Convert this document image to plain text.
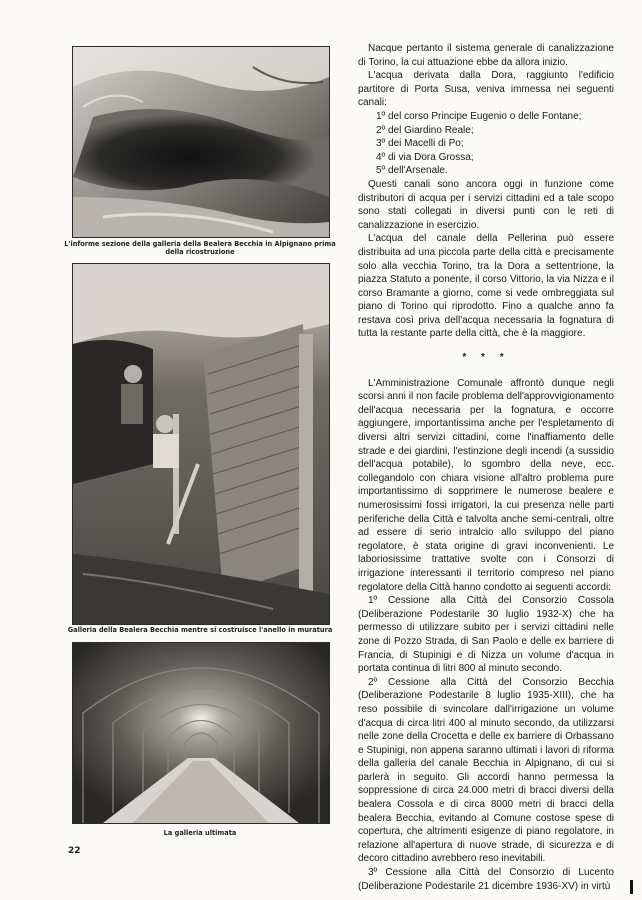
L'informe sezione della galleria della Bealera Becchia in Alpignano prima della ricostruzione
Galleria della Bealera Becchia mentre si costruisce l'anello in muratura
La galleria ultimata
22

Nacque pertanto il sistema generale di canalizzazione di Torino, la cui attuazione ebbe da allora inizio.

L'acqua derivata dalla Dora, raggiunto l'edificio partitore di Porta Susa, veniva immessa nei seguenti canali:

1º del corso Principe Eugenio o delle Fontane;

2º del Giardino Reale;

3º dei Macelli di Po;

4º di via Dora Grossa;

5º dell'Arsenale.

Questi canali sono ancora oggi in funzione come distributori di acqua per i servizi cittadini ed a tale scopo sono stati collegati in diversi punti con le reti di canalizzazione in esercizio.

L'acqua del canale della Pellerina può essere distribuita ad una piccola parte della città e precisamente solo alla vecchia Torino, tra la Dora a settentrione, la piazza Statuto a ponente, il corso Vittorio, la via Nizza e il corso Bramante a giorno, come si vede ombreggiata sul piano di Torino qui riprodotto. Fino a qualche anno fa restava così priva dell'acqua necessaria la fognatura di tutta la restante parte della città, che è la maggiore.

* * *

L'Amministrazione Comunale affrontò dunque negli scorsi anni il non facile problema dell'approvvigionamento dell'acqua necessaria per la fognatura, e occorre aggiungere, importantissima anche per l'espletamento di diversi altri servizi cittadini, come l'inaffiamento delle strade e dei giardini, l'estinzione degli incendi (a sussidio dell'acqua potabile), lo sgombro della neve, ecc. collegandolo con chiara visione all'altro problema pure importantissimo di sopprimere le numerose bealere e numerosissimi fossi irrigatori, la cui presenza nelle parti periferiche della Città e talvolta anche semi-centrali, oltre ad essere di serio intralcio allo sviluppo del piano regolatore, è stata origine di gravi inconvenienti. Le laboriosissime trattative svolte con i Consorzi di irrigazione interessanti il territorio compreso nel piano regolatore della Città hanno condotto ai seguenti accordi:

1º Cessione alla Città del Consorzio Cossola (Deliberazione Podestarile 30 luglio 1932-X) che ha permesso di utilizzare subito per i servizi cittadini nelle zone di Pozzo Strada, di San Paolo e delle ex barriere di Francia, di Stupinigi e di Nizza un volume d'acqua in portata continua di litri 800 al minuto secondo.

2º Cessione alla Città del Consorzio Becchia (Deliberazione Podestarile 8 luglio 1935-XIII), che ha reso possibile di svincolare dall'irrigazione un volume d'acqua di circa litri 400 al minuto secondo, da utilizzarsi nelle zone della Crocetta e delle ex barriere di Orbassano e Stupinigi, non appena saranno ultimati i lavori di riforma della galleria del canale Becchia in Alpignano, di cui si parlerà in seguito. Gli accordi hanno permessa la soppressione di circa 24.000 metri di bracci diversi della bealera Cossola e di circa 8000 metri di bracci della bealera Becchia, evitando al Comune costose spese di copertura, che altrimenti esigenze di piano regolatore, in relazione all'apertura di nuove strade, di sicurezza e di decoro cittadino avrebbero reso inevitabili.

3º Cessione alla Città del Consorzio di Lucento (Deliberazione Podestarile 21 dicembre 1936-XV) in virtù
